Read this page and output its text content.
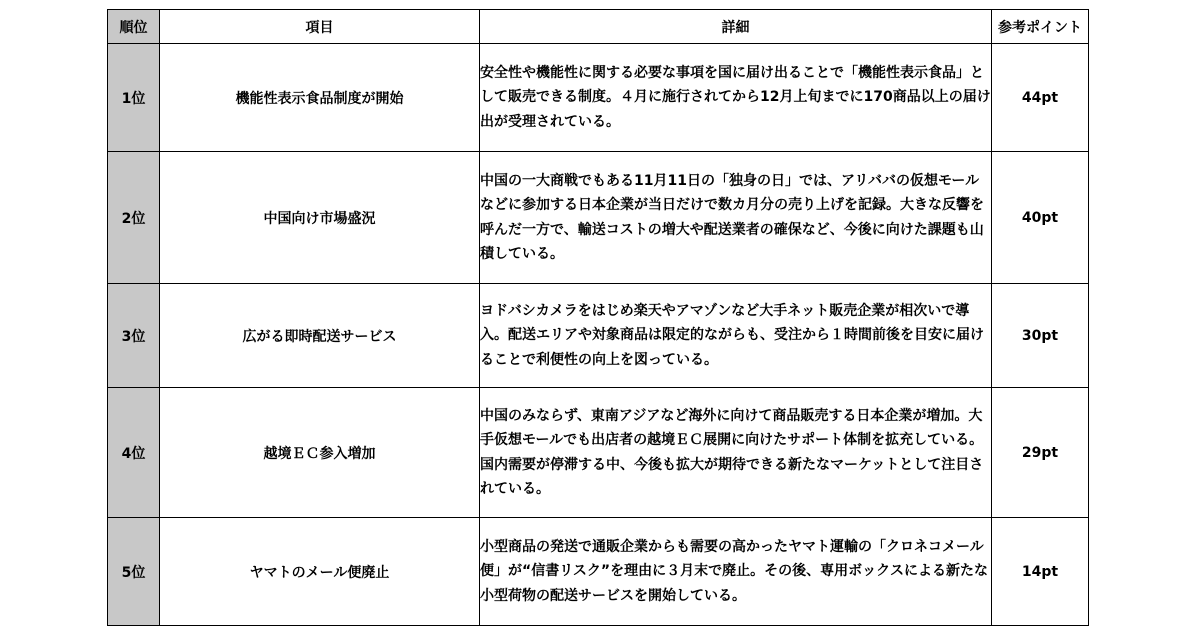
順位	項目	詳細	参考ポイント
1位	機能性表示食品制度が開始	安全性や機能性に関する必要な事項を国に届け出ることで「機能性表示食品」として販売できる制度。４月に施行されてから12月上旬までに170商品以上の届け出が受理されている。	44pt
2位	中国向け市場盛況	中国の一大商戦でもある11月11日の「独身の日」では、アリババの仮想モールなどに参加する日本企業が当日だけで数カ月分の売り上げを記録。大きな反響を呼んだ一方で、輸送コストの増大や配送業者の確保など、今後に向けた課題も山積している。	40pt
3位	広がる即時配送サービス	ヨドバシカメラをはじめ楽天やアマゾンなど大手ネット販売企業が相次いで導入。配送エリアや対象商品は限定的ながらも、受注から１時間前後を目安に届けることで利便性の向上を図っている。	30pt
4位	越境ＥＣ参入増加	中国のみならず、東南アジアなど海外に向けて商品販売する日本企業が増加。大手仮想モールでも出店者の越境ＥＣ展開に向けたサポート体制を拡充している。国内需要が停滞する中、今後も拡大が期待できる新たなマーケットとして注目されている。	29pt
5位	ヤマトのメール便廃止	小型商品の発送で通販企業からも需要の高かったヤマト運輸の「クロネコメール便」が“信書リスク”を理由に３月末で廃止。その後、専用ボックスによる新たな小型荷物の配送サービスを開始している。	14pt
